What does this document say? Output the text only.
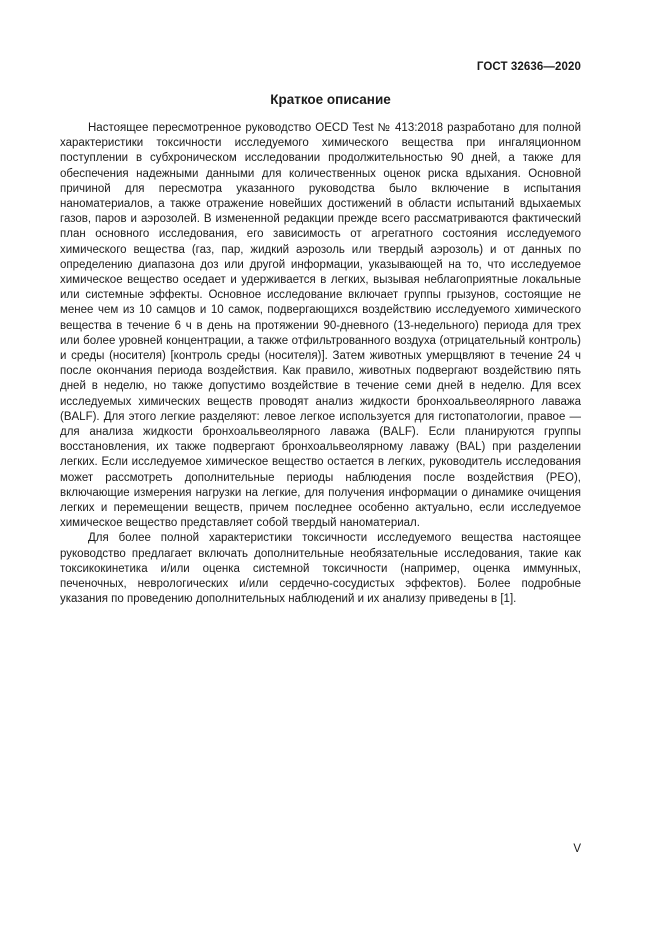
ГОСТ 32636—2020
Краткое описание

Настоящее пересмотренное руководство OECD Test № 413:2018 разработано для полной характеристики токсичности исследуемого химического вещества при ингаляционном поступлении в субхроническом исследовании продолжительностью 90 дней, а также для обеспечения надежными данными для количественных оценок риска вдыхания. Основной причиной для пересмотра указанного руководства было включение в испытания наноматериалов, а также отражение новейших достижений в области испытаний вдыхаемых газов, паров и аэрозолей. В измененной редакции прежде всего рассматриваются фактический план основного исследования, его зависимость от агрегатного состояния исследуемого химического вещества (газ, пар, жидкий аэрозоль или твердый аэрозоль) и от данных по определению диапазона доз или другой информации, указывающей на то, что исследуемое химическое вещество оседает и удерживается в легких, вызывая неблагоприятные локальные или системные эффекты. Основное исследование включает группы грызунов, состоящие не менее чем из 10 самцов и 10 самок, подвергающихся воздействию исследуемого химического вещества в течение 6 ч в день на протяжении 90-дневного (13-недельного) периода для трех или более уровней концентрации, а также отфильтрованного воздуха (отрицательный контроль) и среды (носителя) [контроль среды (носителя)]. Затем животных умерщвляют в течение 24 ч после окончания периода воздействия. Как правило, животных подвергают воздействию пять дней в неделю, но также допустимо воздействие в течение семи дней в неделю. Для всех исследуемых химических веществ проводят анализ жидкости бронхоальвеолярного лаважа (BALF). Для этого легкие разделяют: левое легкое используется для гистопатологии, правое — для анализа жидкости бронхоальвеолярного лаважа (BALF). Если планируются группы восстановления, их также подвергают бронхоальвеолярному лаважу (BAL) при разделении легких. Если исследуемое химическое вещество остается в легких, руководитель исследования может рассмотреть дополнительные периоды наблюдения после воздействия (PEO), включающие измерения нагрузки на легкие, для получения информации о динамике очищения легких и перемещении веществ, причем последнее особенно актуально, если исследуемое химическое вещество представляет собой твердый наноматериал.

Для более полной характеристики токсичности исследуемого вещества настоящее руководство предлагает включать дополнительные необязательные исследования, такие как токсикокинетика и/или оценка системной токсичности (например, оценка иммунных, печеночных, неврологических и/или сердечно-сосудистых эффектов). Более подробные указания по проведению дополнительных наблюдений и их анализу приведены в [1].

V
